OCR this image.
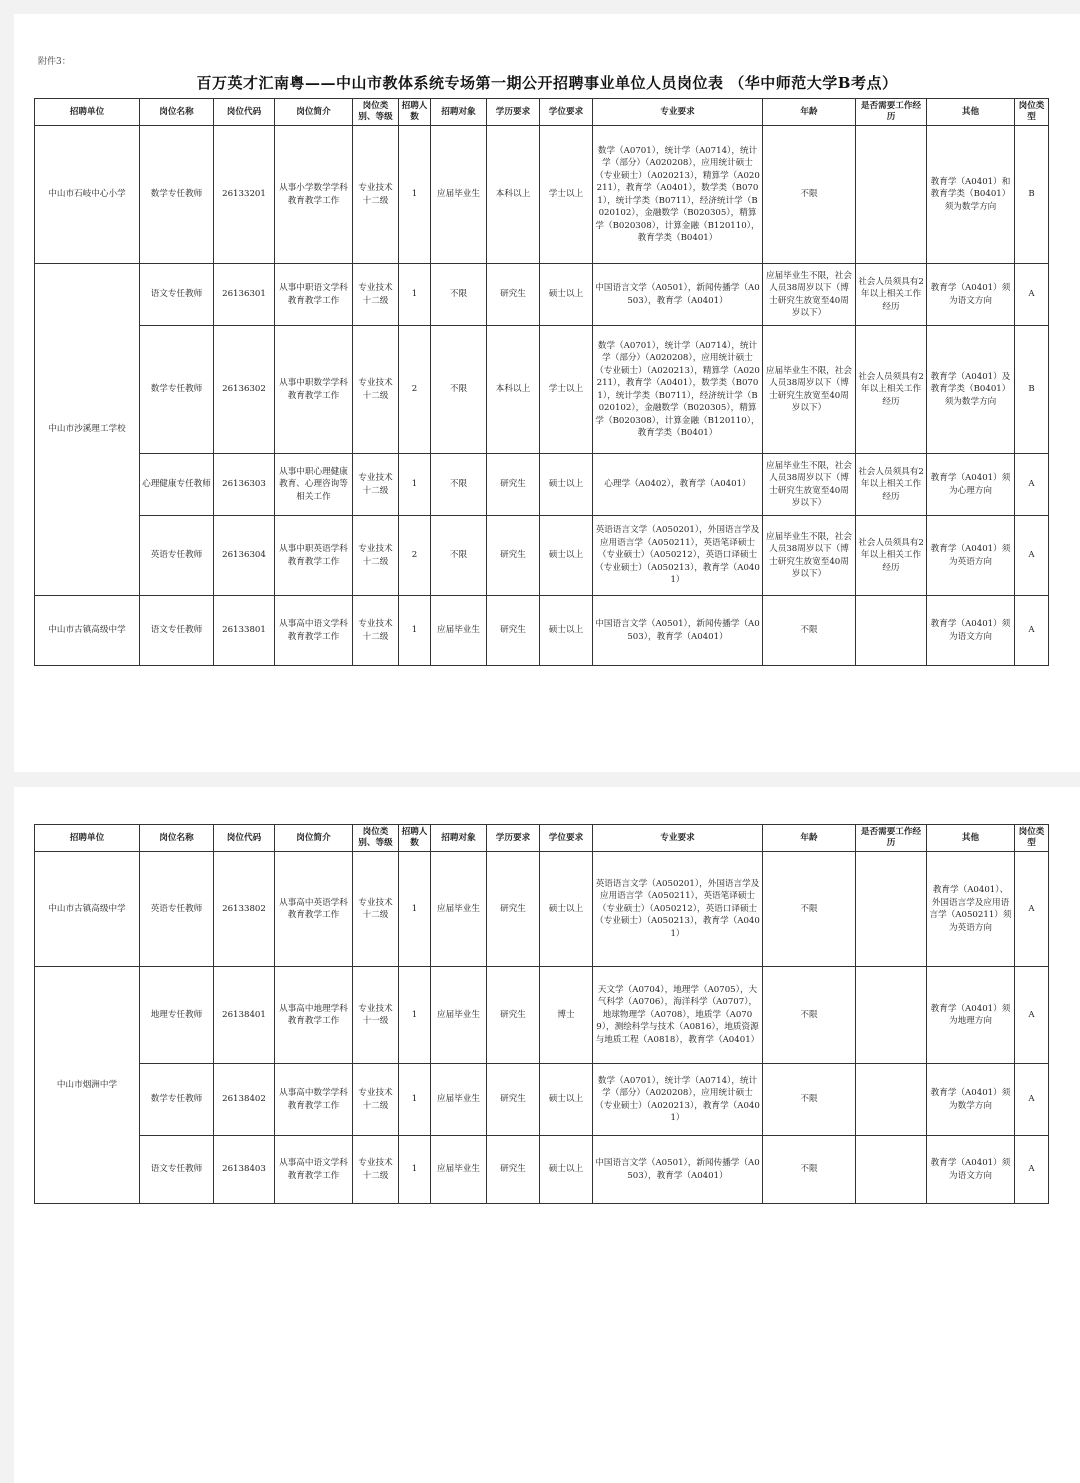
附件3：
百万英才汇南粤——中山市教体系统专场第一期公开招聘事业单位人员岗位表 （华中师范大学B考点）
招聘单位	岗位名称	岗位代码	岗位简介	岗位类别、等级	招聘人数	招聘对象	学历要求	学位要求	专业要求	年龄	是否需要工作经历	其他	岗位类型
中山市石岐中心小学	数学专任教师	26133201	从事小学数学学科教育教学工作	专业技术十二级	1	应届毕业生	本科以上	学士以上	数学（A0701），统计学（A0714），统计学（部分）（A020208），应用统计硕士（专业硕士）（A020213），精算学（A020211），教育学（A0401），数学类（B0701），统计学类（B0711），经济统计学（B020102），金融数学（B020305），精算学（B020308），计算金融（B120110），教育学类（B0401）	不限		教育学（A0401）和教育学类（B0401）须为数学方向	B
中山市沙溪理工学校	语文专任教师	26136301	从事中职语文学科教育教学工作	专业技术十二级	1	不限	研究生	硕士以上	中国语言文学（A0501），新闻传播学（A0503），教育学（A0401）	应届毕业生不限，社会人员38周岁以下（博士研究生放宽至40周岁以下）	社会人员须具有2年以上相关工作经历	教育学（A0401）须为语文方向	A
	数学专任教师	26136302	从事中职数学学科教育教学工作	专业技术十二级	2	不限	本科以上	学士以上	数学（A0701），统计学（A0714），统计学（部分）（A020208），应用统计硕士（专业硕士）（A020213），精算学（A020211），教育学（A0401），数学类（B0701），统计学类（B0711），经济统计学（B020102），金融数学（B020305），精算学（B020308），计算金融（B120110），教育学类（B0401）	应届毕业生不限，社会人员38周岁以下（博士研究生放宽至40周岁以下）	社会人员须具有2年以上相关工作经历	教育学（A0401）及教育学类（B0401）须为数学方向	B
	心理健康专任教师	26136303	从事中职心理健康教育、心理咨询等相关工作	专业技术十二级	1	不限	研究生	硕士以上	心理学（A0402），教育学（A0401）	应届毕业生不限，社会人员38周岁以下（博士研究生放宽至40周岁以下）	社会人员须具有2年以上相关工作经历	教育学（A0401）须为心理方向	A
	英语专任教师	26136304	从事中职英语学科教育教学工作	专业技术十二级	2	不限	研究生	硕士以上	英语语言文学（A050201），外国语言学及应用语言学（A050211），英语笔译硕士（专业硕士）（A050212），英语口译硕士（专业硕士）（A050213），教育学（A0401）	应届毕业生不限，社会人员38周岁以下（博士研究生放宽至40周岁以下）	社会人员须具有2年以上相关工作经历	教育学（A0401）须为英语方向	A
中山市古镇高级中学	语文专任教师	26133801	从事高中语文学科教育教学工作	专业技术十二级	1	应届毕业生	研究生	硕士以上	中国语言文学（A0501），新闻传播学（A0503），教育学（A0401）	不限		教育学（A0401）须为语文方向	A
招聘单位	岗位名称	岗位代码	岗位简介	岗位类别、等级	招聘人数	招聘对象	学历要求	学位要求	专业要求	年龄	是否需要工作经历	其他	岗位类型
中山市古镇高级中学	英语专任教师	26133802	从事高中英语学科教育教学工作	专业技术十二级	1	应届毕业生	研究生	硕士以上	英语语言文学（A050201），外国语言学及应用语言学（A050211），英语笔译硕士（专业硕士）（A050212），英语口译硕士（专业硕士）（A050213），教育学（A0401）	不限		教育学（A0401）、外国语言学及应用语言学（A050211）须为英语方向	A
中山市烟洲中学	地理专任教师	26138401	从事高中地理学科教育教学工作	专业技术十一级	1	应届毕业生	研究生	博士	天文学（A0704），地理学（A0705），大气科学（A0706），海洋科学（A0707），地球物理学（A0708），地质学（A0709），测绘科学与技术（A0816），地质资源与地质工程（A0818），教育学（A0401）	不限		教育学（A0401）须为地理方向	A
	数学专任教师	26138402	从事高中数学学科教育教学工作	专业技术十二级	1	应届毕业生	研究生	硕士以上	数学（A0701），统计学（A0714），统计学（部分）（A020208），应用统计硕士（专业硕士）（A020213），教育学（A0401）	不限		教育学（A0401）须为数学方向	A
	语文专任教师	26138403	从事高中语文学科教育教学工作	专业技术十二级	1	应届毕业生	研究生	硕士以上	中国语言文学（A0501），新闻传播学（A0503），教育学（A0401）	不限		教育学（A0401）须为语文方向	A
